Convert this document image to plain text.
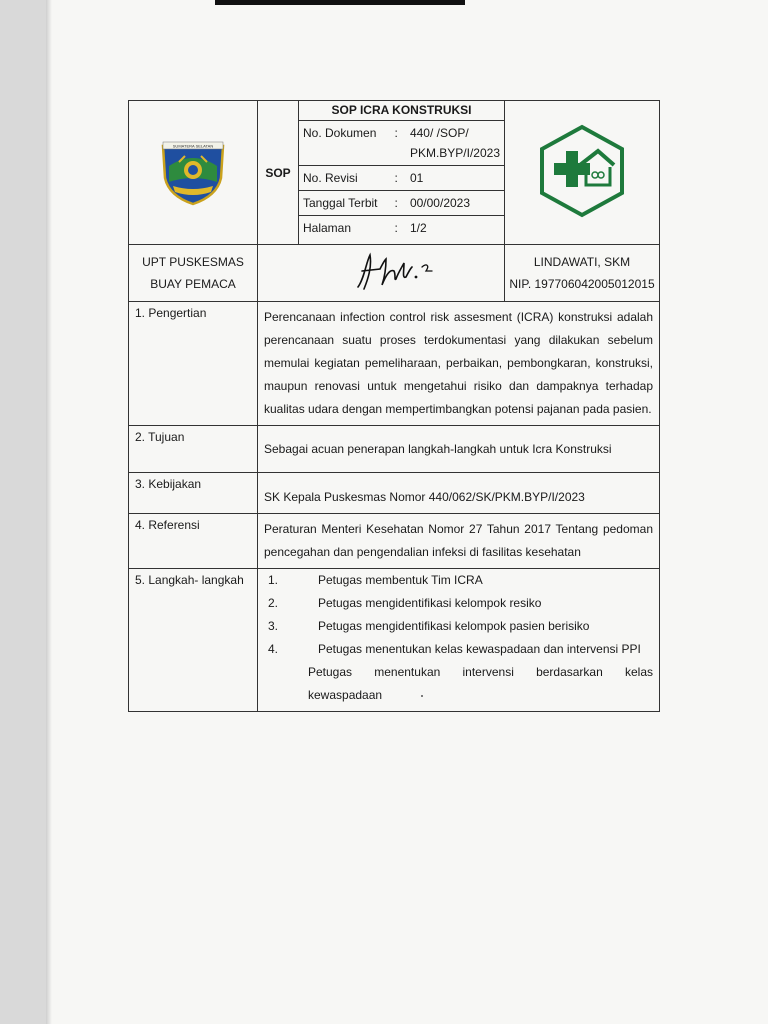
SUMATERA SELATAN
	SOP	
SOP ICRA KONSTRUKSI
No. Dokumen	:	440/ /SOP/ PKM.BYP/I/2023
No. Revisi	:	01
Tanggal Terbit	:	00/00/2023
Halaman	:	1/2

UPT PUSKESMAS
BUAY PEMACA

LINDAWATI, SKM
NIP. 197706042005012015

1. Pengertian	Perencanaan infection control risk assesment (ICRA) konstruksi adalah perencanaan suatu proses terdokumentasi yang dilakukan sebelum memulai kegiatan pemeliharaan, perbaikan, pembongkaran, konstruksi, maupun renovasi untuk mengetahui risiko dan dampaknya terhadap kualitas udara dengan mempertimbangkan potensi pajanan pada pasien.
2. Tujuan	Sebagai acuan penerapan langkah-langkah untuk Icra Konstruksi
3. Kebijakan	SK Kepala Puskesmas Nomor 440/062/SK/PKM.BYP/I/2023
4. Referensi	Peraturan Menteri Kesehatan Nomor 27 Tahun 2017 Tentang pedoman pencegahan dan pengendalian infeksi di fasilitas kesehatan
5. Langkah- langkah	1.	Petugas membentuk Tim ICRA
2.	Petugas mengidentifikasi kelompok resiko
3.	Petugas mengidentifikasi kelompok pasien berisiko
4.	Petugas menentukan kelas kewaspadaan dan intervensi PPI
Petugas menentukan intervensi berdasarkan kelas kewaspadaan
